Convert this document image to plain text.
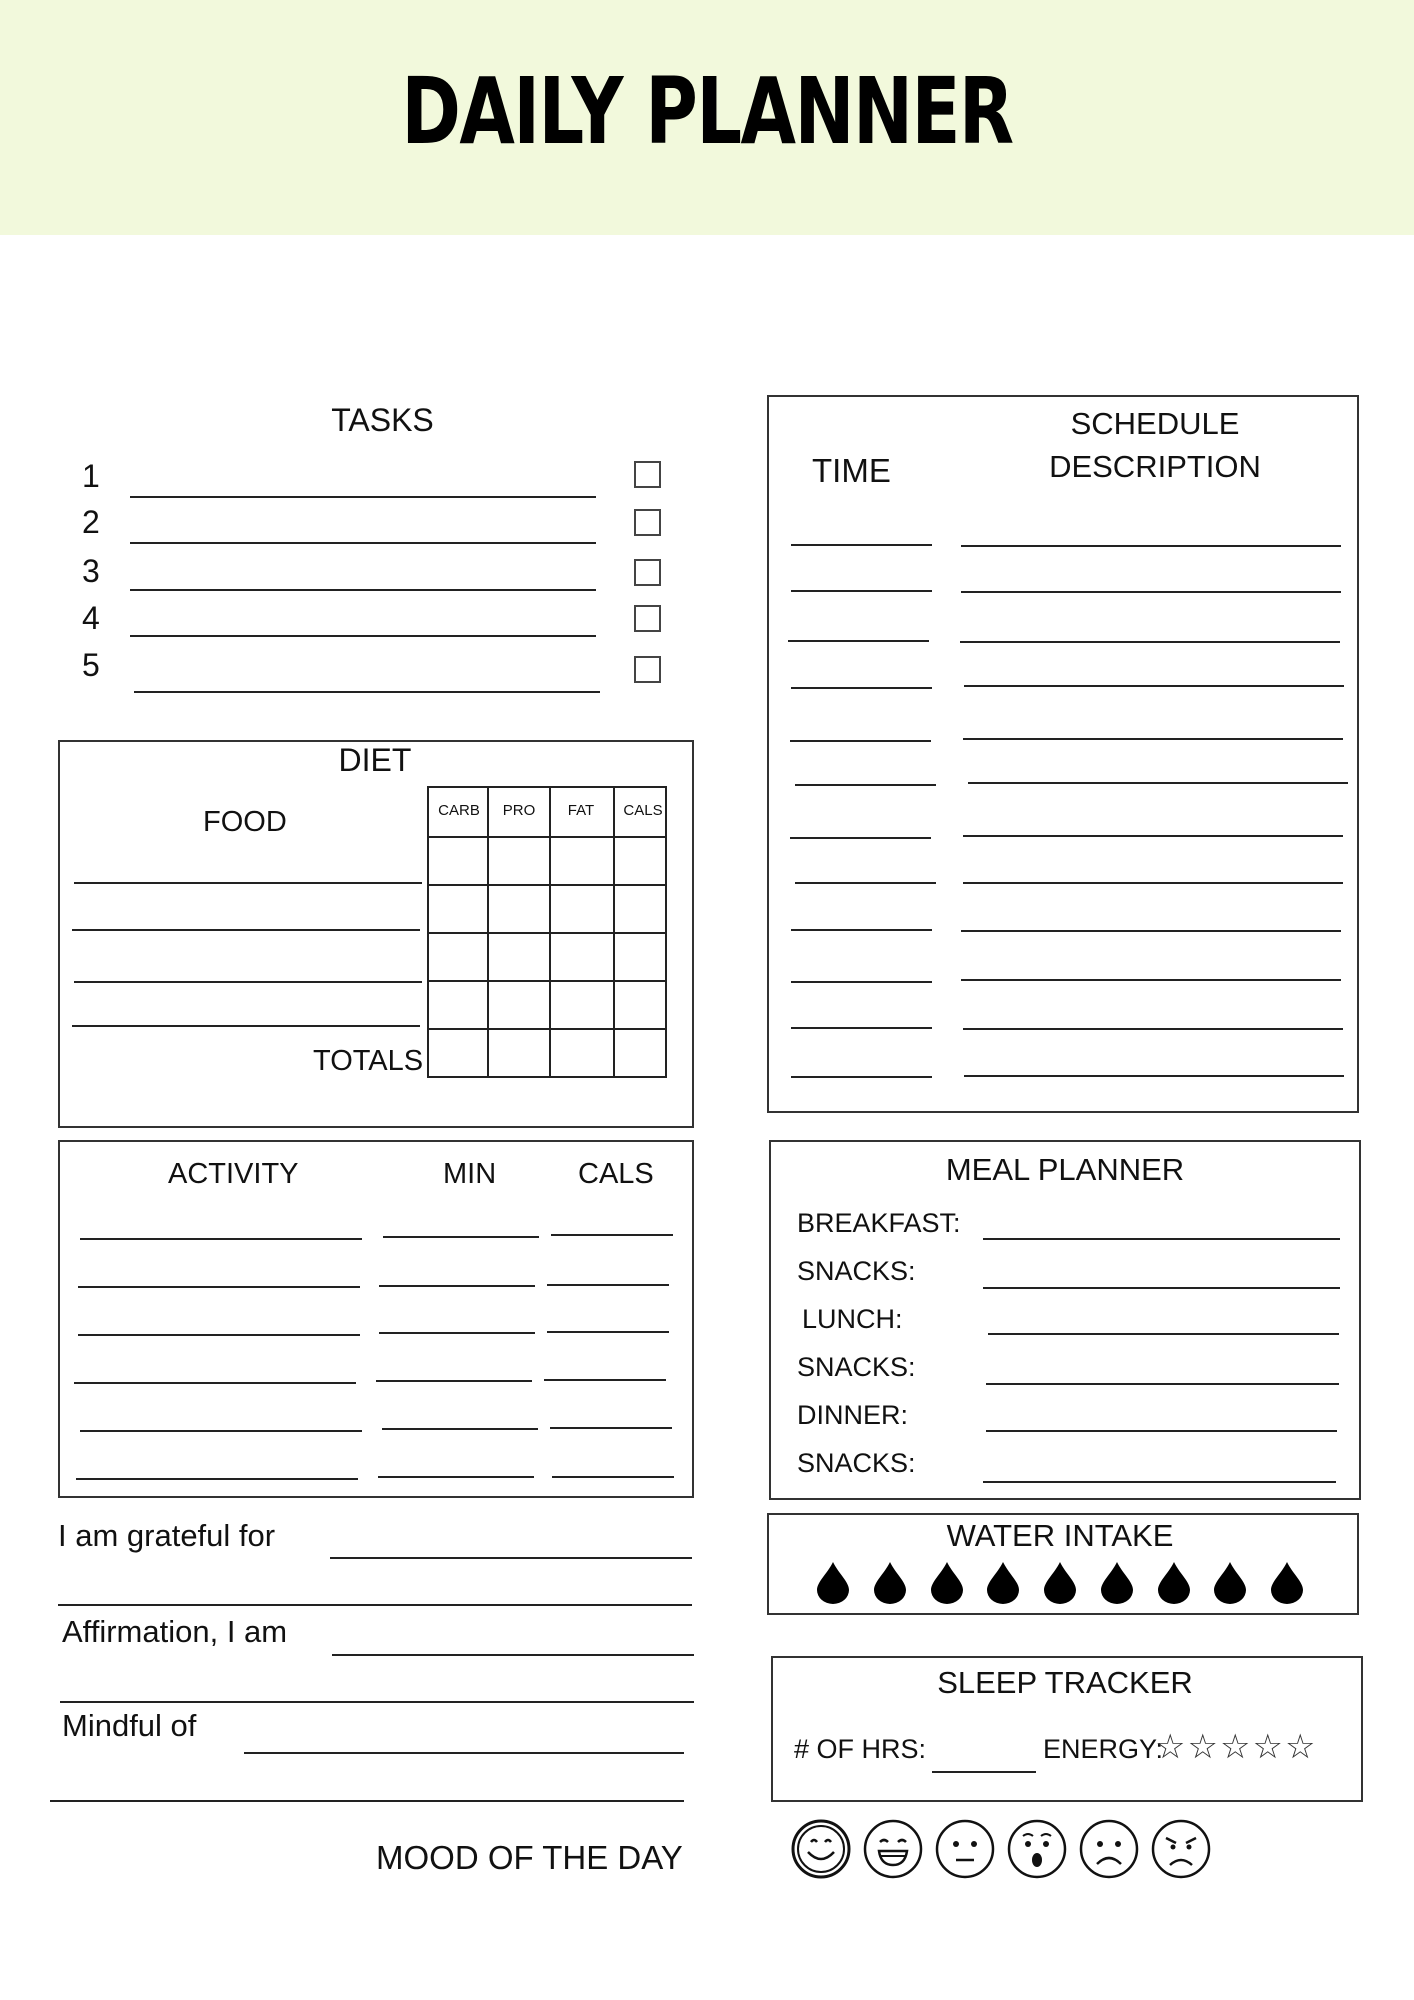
DAILY PLANNER
TASKS
1
2
3
4
5
DIET
FOOD
TOTALS
CARB	PRO	FAT	CALS
ACTIVITY	MIN	CALS
I am grateful for
Affirmation, I am
Mindful of
MOOD OF THE DAY
TIME
SCHEDULE
DESCRIPTION
MEAL PLANNER
BREAKFAST:
SNACKS:
LUNCH:
SNACKS:
DINNER:
SNACKS:
WATER INTAKE
SLEEP TRACKER
# OF HRS:	ENERGY:
☆ ☆ ☆ ☆ ☆
